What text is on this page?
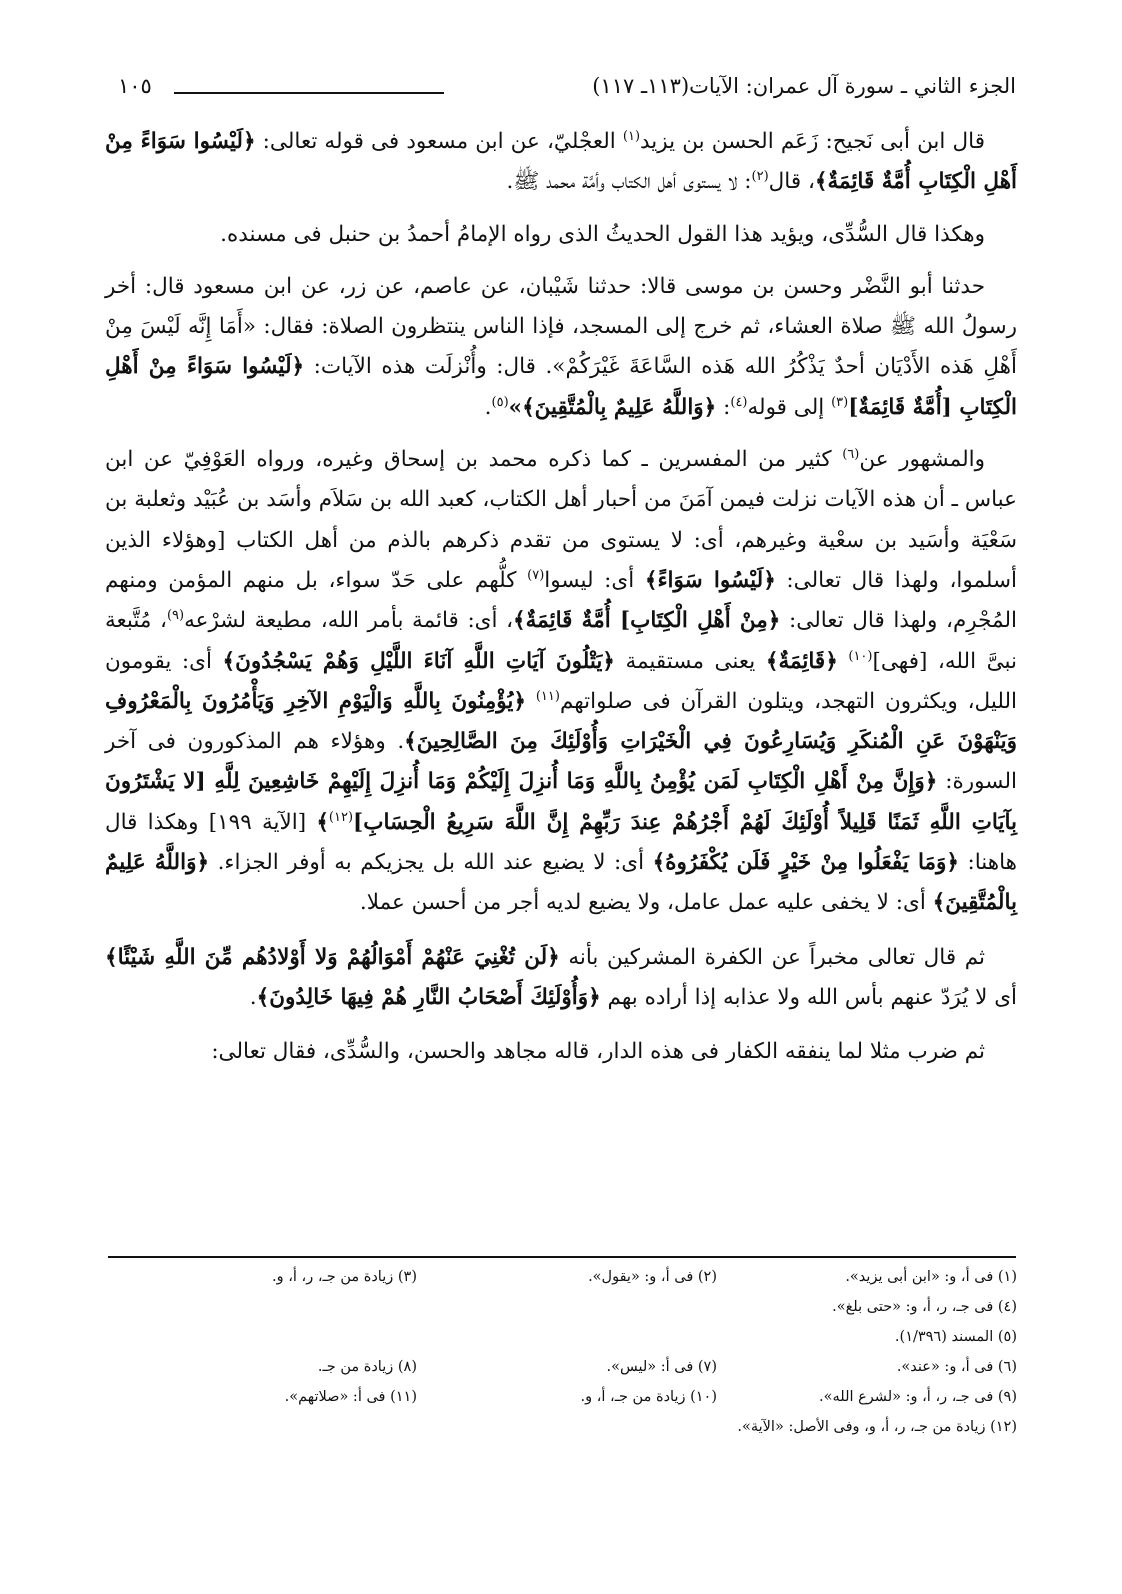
الجزء الثاني ـ سورة آل عمران: الآيات(١١٣ـ ١١٧)
١٠٥

قال ابن أبى نَجيح: زَعَم الحسن بن يزيد$^{(١)}$ العجْليّ، عن ابن مسعود فى قوله تعالى: ﴿لَيْسُوا سَوَاءً مِنْ أَهْلِ الْكِتَابِ أُمَّةٌ قَائِمَةٌ﴾، قال$^{(٢)}$: لا يستوى أهل الكتاب وأمَّة محمد ﷺ.

وهكذا قال السُّدِّى، ويؤيد هذا القول الحديثُ الذى رواه الإمامُ أحمدُ بن حنبل فى مسنده.

حدثنا أبو النَّضْر وحسن بن موسى قالا: حدثنا شَيْبان، عن عاصم، عن زر، عن ابن مسعود قال: أخر رسولُ الله ﷺ صلاة العشاء، ثم خرج إلى المسجد، فإذا الناس ينتظرون الصلاة: فقال: «أَمَا إِنَّه لَيْسَ مِنْ أَهْلِ هَذه الأَدْيَان أحدٌ يَذْكُرُ الله هَذه السَّاعَةَ غَيْرَكُمْ». قال: وأُنْزلَت هذه الآيات: ﴿لَيْسُوا سَوَاءً مِنْ أَهْلِ الْكِتَابِ [أُمَّةٌ قَائِمَةٌ]$^{(٣)}$ إلى قوله$^{(٤)}$: ﴿وَاللَّهُ عَلِيمٌ بِالْمُتَّقِينَ﴾»$^{(٥)}$.

والمشهور عن$^{(٦)}$ كثير من المفسرين ـ كما ذكره محمد بن إسحاق وغيره، ورواه العَوْفِيّ عن ابن عباس ـ أن هذه الآيات نزلت فيمن آمَنَ من أحبار أهل الكتاب، كعبد الله بن سَلاَم وأسَد بن عُبَيْد وثعلبة بن سَعْيَة وأسَيد بن سعْية وغيرهم، أى: لا يستوى من تقدم ذكرهم بالذم من أهل الكتاب [وهؤلاء الذين أسلموا، ولهذا قال تعالى: ﴿لَيْسُوا سَوَاءً﴾ أى: ليسوا$^{(٧)}$ كلُّهم على حَدّ سواء، بل منهم المؤمن ومنهم المُجْرِم، ولهذا قال تعالى: ﴿مِنْ أَهْلِ الْكِتَابِ] أُمَّةٌ قَائِمَةٌ﴾، أى: قائمة بأمر الله، مطيعة لشرْعه$^{(٩)}$، مُتَّبعة نبىَّ الله، [فهى]$^{(١٠)}$ ﴿قَائِمَةٌ﴾ يعنى مستقيمة ﴿يَتْلُونَ آيَاتِ اللَّهِ آنَاءَ اللَّيْلِ وَهُمْ يَسْجُدُونَ﴾ أى: يقومون الليل، ويكثرون التهجد، ويتلون القرآن فى صلواتهم$^{(١١)}$ ﴿يُؤْمِنُونَ بِاللَّهِ وَالْيَوْمِ الآخِرِ وَيَأْمُرُونَ بِالْمَعْرُوفِ وَيَنْهَوْنَ عَنِ الْمُنكَرِ وَيُسَارِعُونَ فِي الْخَيْرَاتِ وَأُوْلَئِكَ مِنَ الصَّالِحِينَ﴾. وهؤلاء هم المذكورون فى آخر السورة: ﴿وَإِنَّ مِنْ أَهْلِ الْكِتَابِ لَمَن يُؤْمِنُ بِاللَّهِ وَمَا أُنزِلَ إِلَيْكُمْ وَمَا أُنزِلَ إِلَيْهِمْ خَاشِعِينَ لِلَّهِ [لا يَشْتَرُونَ بِآيَاتِ اللَّهِ ثَمَنًا قَلِيلاً أُوْلَئِكَ لَهُمْ أَجْرُهُمْ عِندَ رَبِّهِمْ إِنَّ اللَّهَ سَرِيعُ الْحِسَابِ]$^{(١٢)}$﴾ [الآية ١٩٩] وهكذا قال هاهنا: ﴿وَمَا يَفْعَلُوا مِنْ خَيْرٍ فَلَن يُكْفَرُوهُ﴾ أى: لا يضيع عند الله بل يجزيكم به أوفر الجزاء. ﴿وَاللَّهُ عَلِيمٌ بِالْمُتَّقِينَ﴾ أى: لا يخفى عليه عمل عامل، ولا يضيع لديه أجر من أحسن عملا.

ثم قال تعالى مخبراً عن الكفرة المشركين بأنه ﴿لَن تُغْنِيَ عَنْهُمْ أَمْوَالُهُمْ وَلا أَوْلادُهُم مِّنَ اللَّهِ شَيْئًا﴾ أى لا يُرَدّ عنهم بأس الله ولا عذابه إذا أراده بهم ﴿وَأُوْلَئِكَ أَصْحَابُ النَّارِ هُمْ فِيهَا خَالِدُونَ﴾.

ثم ضرب مثلا لما ينفقه الكفار فى هذه الدار، قاله مجاهد والحسن، والسُّدِّى، فقال تعالى:

(١) فى أ، و: «ابن أبى يزيد».
(٢) فى أ، و: «يقول».
(٣) زيادة من جـ، ر، أ، و.
(٤) فى جـ، ر، أ، و: «حتى بلغ».
(٥) المسند (١/٣٩٦).
(٦) فى أ، و: «عند».
(٧) فى أ: «ليس».
(٨) زيادة من جـ.
(٩) فى جـ، ر، أ، و: «لشرع الله».
(١٠) زيادة من جـ، أ، و.
(١١) فى أ: «صلاتهم».
(١٢) زيادة من جـ، ر، أ، و، وفى الأصل: «الآية».
